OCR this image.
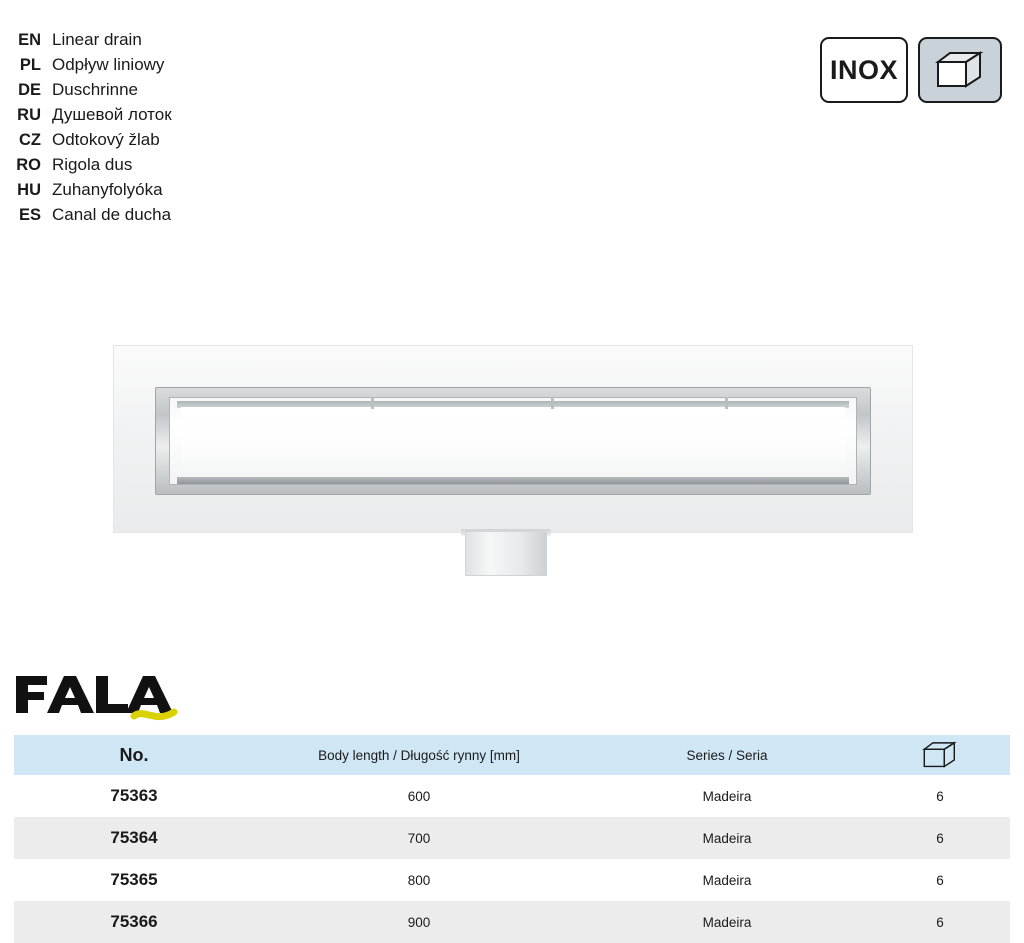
EN Linear drain
PL Odpływ liniowy
DE Duschrinne
RU Душевой лоток
CZ Odtokový žlab
RO Rigola dus
HU Zuhanyfolyóka
ES Canal de ducha
INOX
No.	Body length / Długość rynny [mm]	Series / Seria	
75363	600	Madeira	6
75364	700	Madeira	6
75365	800	Madeira	6
75366	900	Madeira	6
